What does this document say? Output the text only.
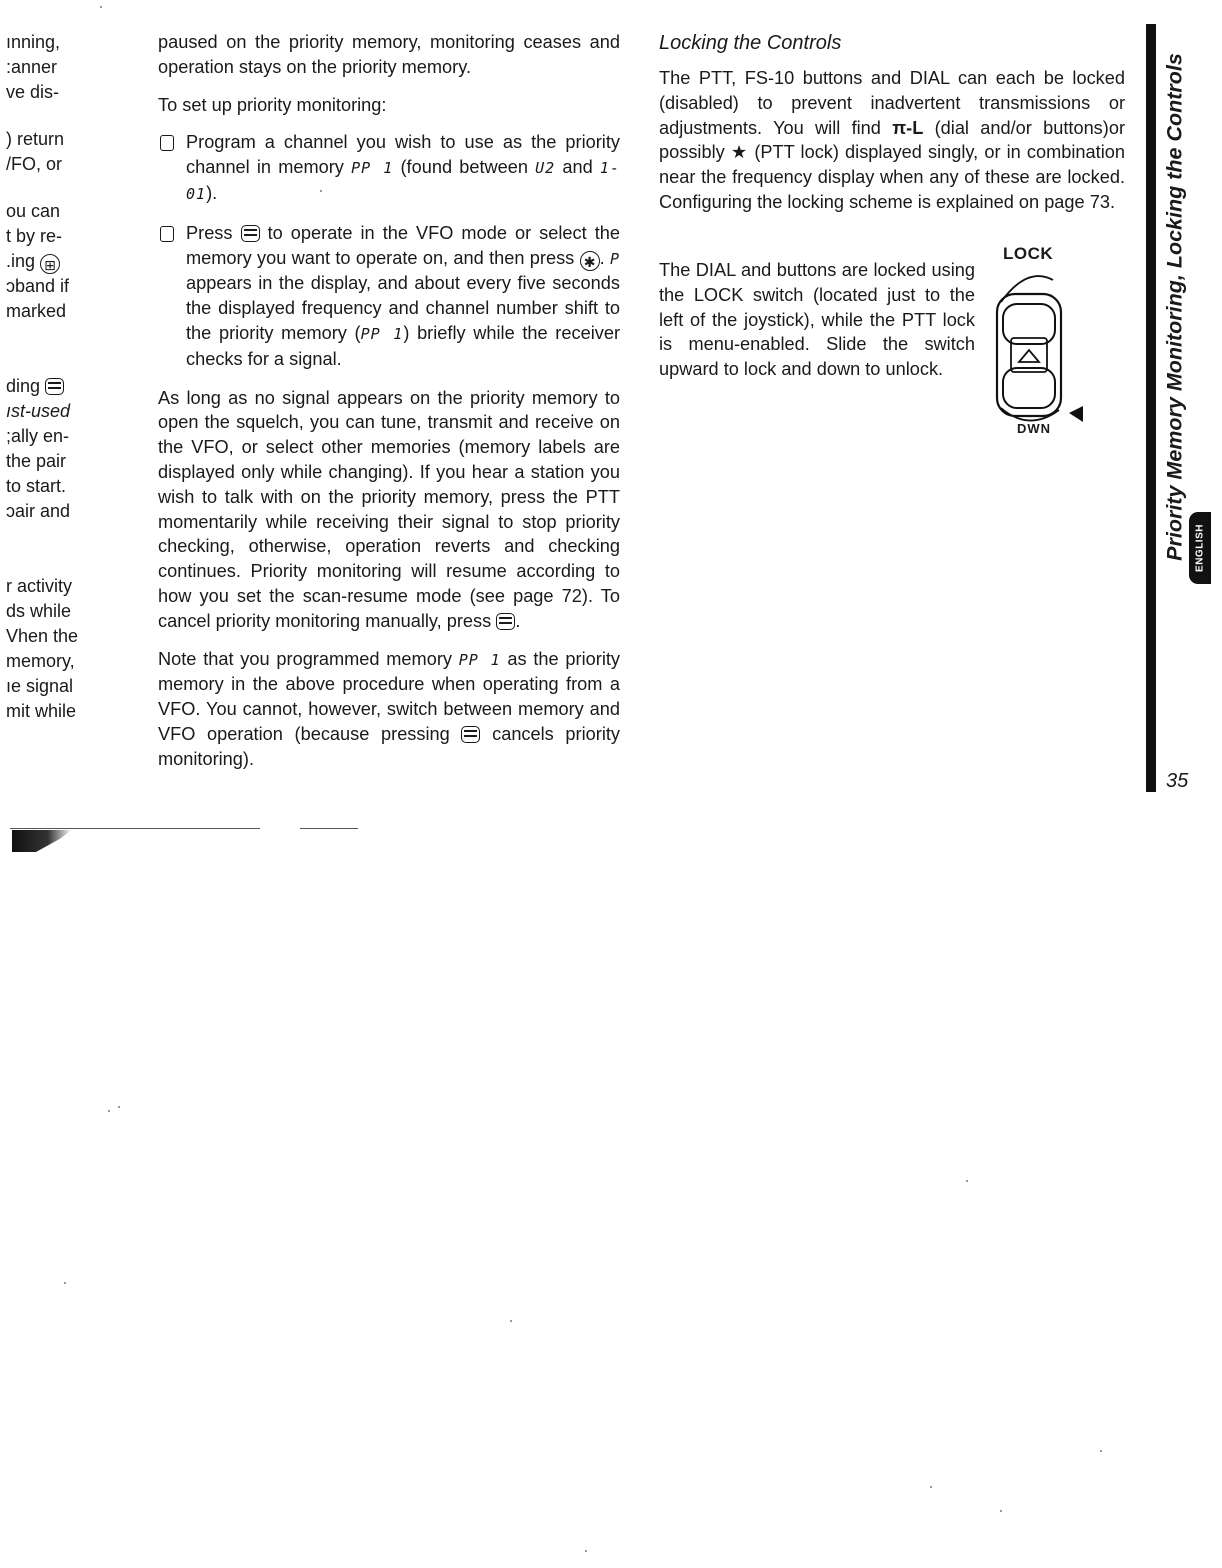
ınning,
:anner
ve dis-
) return
/FO, or
ou can
t by re-
.ing ⊞
ɔband if
marked
ding
ıst-used
;ally en-
the pair
to start.
ɔair and
r activity
ds while
Vhen the
memory,
ıe signal
mit while

paused on the priority memory, monitoring ceases and operation stays on the priority memory.

To set up priority monitoring:

Program a channel you wish to use as the priority channel in memory PP 1 (found between U2 and 1-01).
Press to operate in the VFO mode or select the memory you want to operate on, and then press ✱ . P appears in the display, and about every five seconds the displayed frequency and channel number shift to the priority memory (PP 1) briefly while the receiver checks for a signal.

As long as no signal appears on the priority memory to open the squelch, you can tune, transmit and receive on the VFO, or select other memories (memory labels are displayed only while changing). If you hear a station you wish to talk with on the priority memory, press the PTT momentarily while receiving their signal to stop priority checking, otherwise, operation reverts and checking continues. Priority monitoring will resume according to how you set the scan-resume mode (see page 72). To cancel priority monitoring manually, press .

Note that you programmed memory PP 1 as the priority memory in the above procedure when operating from a VFO. You cannot, however, switch between memory and VFO operation (because pressing cancels priority monitoring).

Locking the Controls

The PTT, FS-10 buttons and DIAL can each be locked (disabled) to prevent inadvertent transmissions or adjustments. You will find π-L (dial and/or buttons)or possibly ★ (PTT lock) displayed singly, or in combination near the frequency display when any of these are locked. Configuring the locking scheme is explained on page 73.

The DIAL and buttons are locked using the LOCK switch (located just to the left of the joystick), while the PTT lock is menu-enabled. Slide the switch upward to lock and down to unlock.

LOCK
DWN	Priority Memory Monitoring, Locking the Controls ENGLISH
35
